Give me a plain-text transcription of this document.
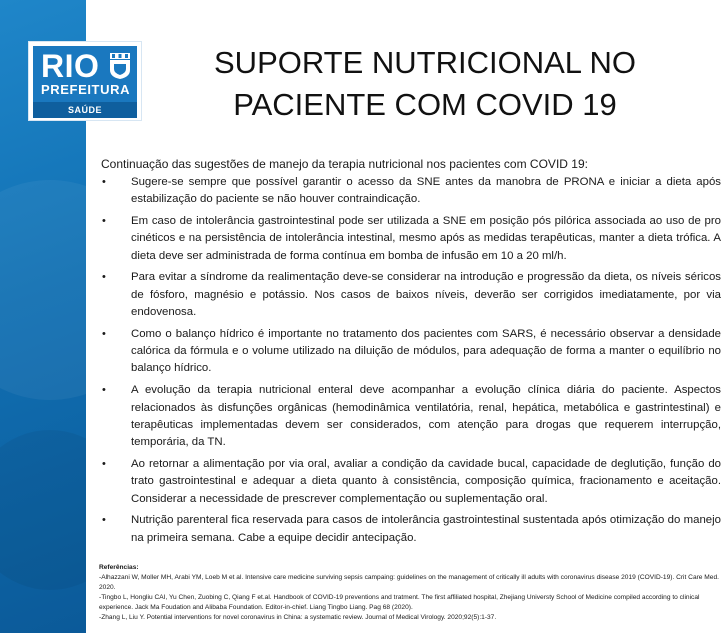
RIO
PREFEITURA
SAÚDE
SUPORTE NUTRICIONAL NO
PACIENTE COM COVID 19

Continuação das sugestões de manejo da terapia nutricional nos pacientes com COVID 19:

• Sugere-se sempre que possível garantir o acesso da SNE antes da manobra de PRONA e iniciar a dieta após estabilização do paciente se não houver contraindicação.
• Em caso de intolerância gastrointestinal pode ser utilizada a SNE em posição pós pilórica associada ao uso de pro cinéticos e na persistência de intolerância intestinal, mesmo após as medidas terapêuticas, manter a dieta trófica. A dieta deve ser administrada de forma contínua em bomba de infusão em 10 a 20 ml/h.
• Para evitar a síndrome da realimentação deve-se considerar na introdução e progressão da dieta, os níveis séricos de fósforo, magnésio e potássio. Nos casos de baixos níveis, deverão ser corrigidos imediatamente, por via endovenosa.
• Como o balanço hídrico é importante no tratamento dos pacientes com SARS, é necessário observar a densidade calórica da fórmula e o volume utilizado na diluição de módulos, para adequação de forma a manter o equilíbrio no balanço hídrico.
• A evolução da terapia nutricional enteral deve acompanhar a evolução clínica diária do paciente. Aspectos relacionados às disfunções orgânicas (hemodinâmica ventilatória, renal, hepática, metabólica e gastrintestinal) e terapêuticas implementadas devem ser considerados, com atenção para drogas que requerem interrupção, temporária, da TN.
• Ao retornar a alimentação por via oral, avaliar a condição da cavidade bucal, capacidade de deglutição, função do trato gastrointestinal e adequar a dieta quanto à consistência, composição química, fracionamento e aceitação. Considerar a necessidade de prescrever complementação ou suplementação oral.
• Nutrição parenteral fica reservada para casos de intolerância gastrointestinal sustentada após otimização do manejo na primeira semana. Cabe a equipe decidir antecipação.
Referências:
-Alhazzani W, Moller MH, Arabi YM, Loeb M et al. Intensive care medicine surviving sepsis campaing: guidelines on the management of critically ill adults with coronavirus disease 2019 (COVID-19). Crit Care Med. 2020.
-Tingbo L, Hongliu CAI, Yu Chen, Zuobing C, Qiang F et.al. Handbook of COVID-19 preventions and tratment. The first affiliated hospital, Zhejiang Universty School of Medicine compiled according to clinical experience. Jack Ma Foudation and Alibaba Foundation. Editor-in-chief. Liang Tingbo Liang. Pag 68 (2020).
-Zhang L, Liu Y. Potential interventions for novel coronavirus in China: a systematic review. Journal of Medical Virology. 2020;92(5):1-37.
